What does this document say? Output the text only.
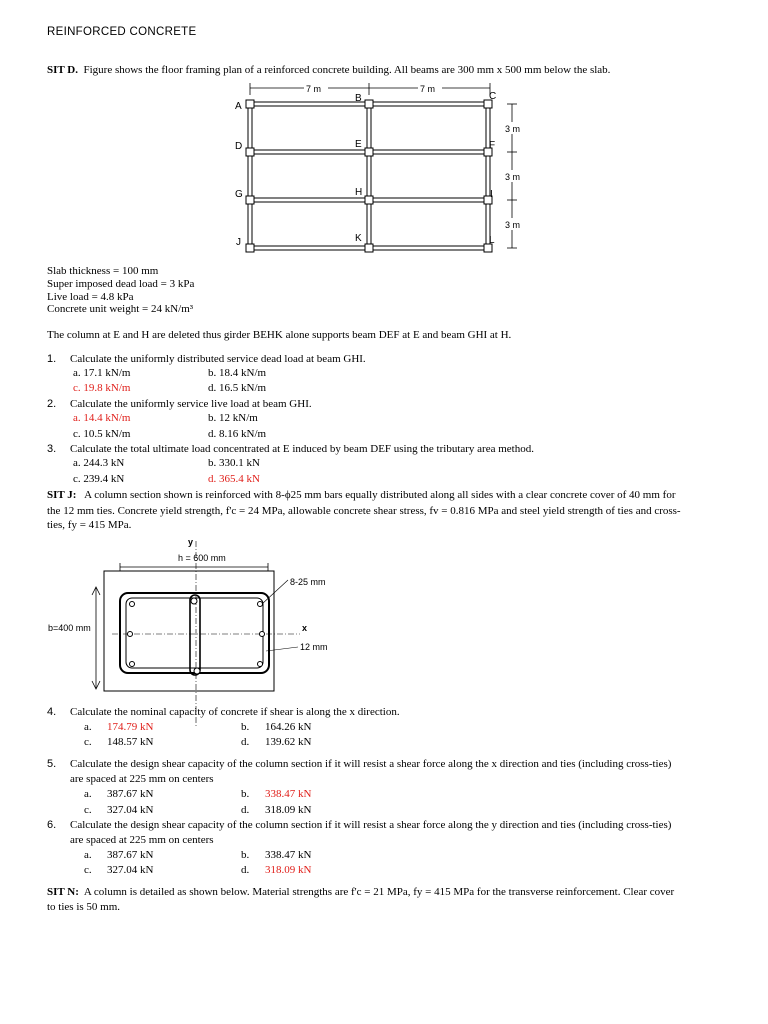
REINFORCED CONCRETE
SIT D. Figure shows the floor framing plan of a reinforced concrete building. All beams are 300 mm x 500 mm below the slab.
7 m	7 m
3 m
3 m
3 m
A
B	C
D	E	F
G	H	I
J	K	L
Slab thickness = 100 mm
Super imposed dead load = 3 kPa
Live load = 4.8 kPa
Concrete unit weight = 24 kN/m³
The column at E and H are deleted thus girder BEHK alone supports beam DEF at E and beam GHI at H.
1. Calculate the uniformly distributed service dead load at beam GHI.
a. 17.1 kN/m	b. 18.4 kN/m
c. 19.8 kN/m	d. 16.5 kN/m
2. Calculate the uniformly service live load at beam GHI.
a. 14.4 kN/m	b. 12 kN/m
c. 10.5 kN/m	d. 8.16 kN/m
3. Calculate the total ultimate load concentrated at E induced by beam DEF using the tributary area method.
a. 244.3 kN	b. 330.1 kN
c. 239.4 kN	d. 365.4 kN
SIT J: A column section shown is reinforced with 8-ϕ25 mm bars equally distributed along all sides with a clear concrete cover of 40 mm for
the 12 mm ties. Concrete yield strength, f'c = 24 MPa, allowable concrete shear stress, fv = 0.816 MPa and steel yield strength of ties and cross-
ties, fy = 415 MPa.
h = 600 mm
b=400 mm
y
x
8-25 mm
12 mm
4. Calculate the nominal capacity of concrete if shear is along the x direction.
a. 174.79 kN	b. 164.26 kN
c. 148.57 kN	d. 139.62 kN
5. Calculate the design shear capacity of the column section if it will resist a shear force along the x direction and ties (including cross-ties)
are spaced at 225 mm on centers
a. 387.67 kN	b. 338.47 kN
c. 327.04 kN	d. 318.09 kN
6. Calculate the design shear capacity of the column section if it will resist a shear force along the y direction and ties (including cross-ties)
are spaced at 225 mm on centers
a. 387.67 kN	b. 338.47 kN
c. 327.04 kN	d. 318.09 kN
SIT N: A column is detailed as shown below. Material strengths are f'c = 21 MPa, fy = 415 MPa for the transverse reinforcement. Clear cover
to ties is 50 mm.
